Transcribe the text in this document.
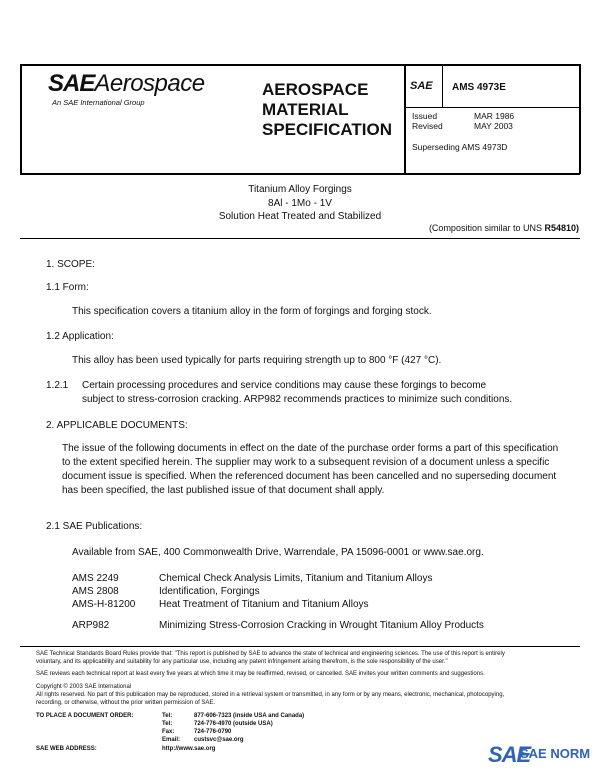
SAEAerospace
An SAE International Group
AEROSPACE
MATERIAL
SPECIFICATION
SAE AMS 4973E
Issued	MAR 1986
Revised	MAY 2003
Superseding AMS 4973D
Titanium Alloy Forgings
8Al - 1Mo - 1V
Solution Heat Treated and Stabilized
(Composition similar to UNS R54810)
1. SCOPE:
1.1 Form:
This specification covers a titanium alloy in the form of forgings and forging stock.
1.2 Application:
This alloy has been used typically for parts requiring strength up to 800 °F (427 °C).
1.2.1 Certain processing procedures and service conditions may cause these forgings to become
subject to stress-corrosion cracking. ARP982 recommends practices to minimize such conditions.
2. APPLICABLE DOCUMENTS:
The issue of the following documents in effect on the date of the purchase order forms a part of this specification to the extent specified herein. The supplier may work to a subsequent revision of a document unless a specific document issue is specified. When the referenced document has been cancelled and no superseding document has been specified, the last published issue of that document shall apply.
2.1 SAE Publications:
Available from SAE, 400 Commonwealth Drive, Warrendale, PA 15096-0001 or www.sae.org.
AMS 2249	Chemical Check Analysis Limits, Titanium and Titanium Alloys
AMS 2808	Identification, Forgings
AMS-H-81200 Heat Treatment of Titanium and Titanium Alloys
ARP982	Minimizing Stress-Corrosion Cracking in Wrought Titanium Alloy Products
SAE Technical Standards Board Rules provide that: "This report is published by SAE to advance the state of technical and engineering sciences. The use of this report is entirely
voluntary, and its applicability and suitability for any particular use, including any patent infringement arising therefrom, is the sole responsibility of the user."
SAE reviews each technical report at least every five years at which time it may be reaffirmed, revised, or cancelled. SAE invites your written comments and suggestions.
Copyright © 2003 SAE International
All rights reserved. No part of this publication may be reproduced, stored in a retrieval system or transmitted, in any form or by any means, electronic, mechanical, photocopying,
recording, or otherwise, without the prior written permission of SAE.
TO PLACE A DOCUMENT ORDER:	Tel:	877-606-7323 (inside USA and Canada)
Tel:	724-776-4970 (outside USA)
Fax:	724-776-0790
Email: custsvc@sae.org
SAE WEB ADDRESS:	http://www.sae.org	SAE
SAE NORM
